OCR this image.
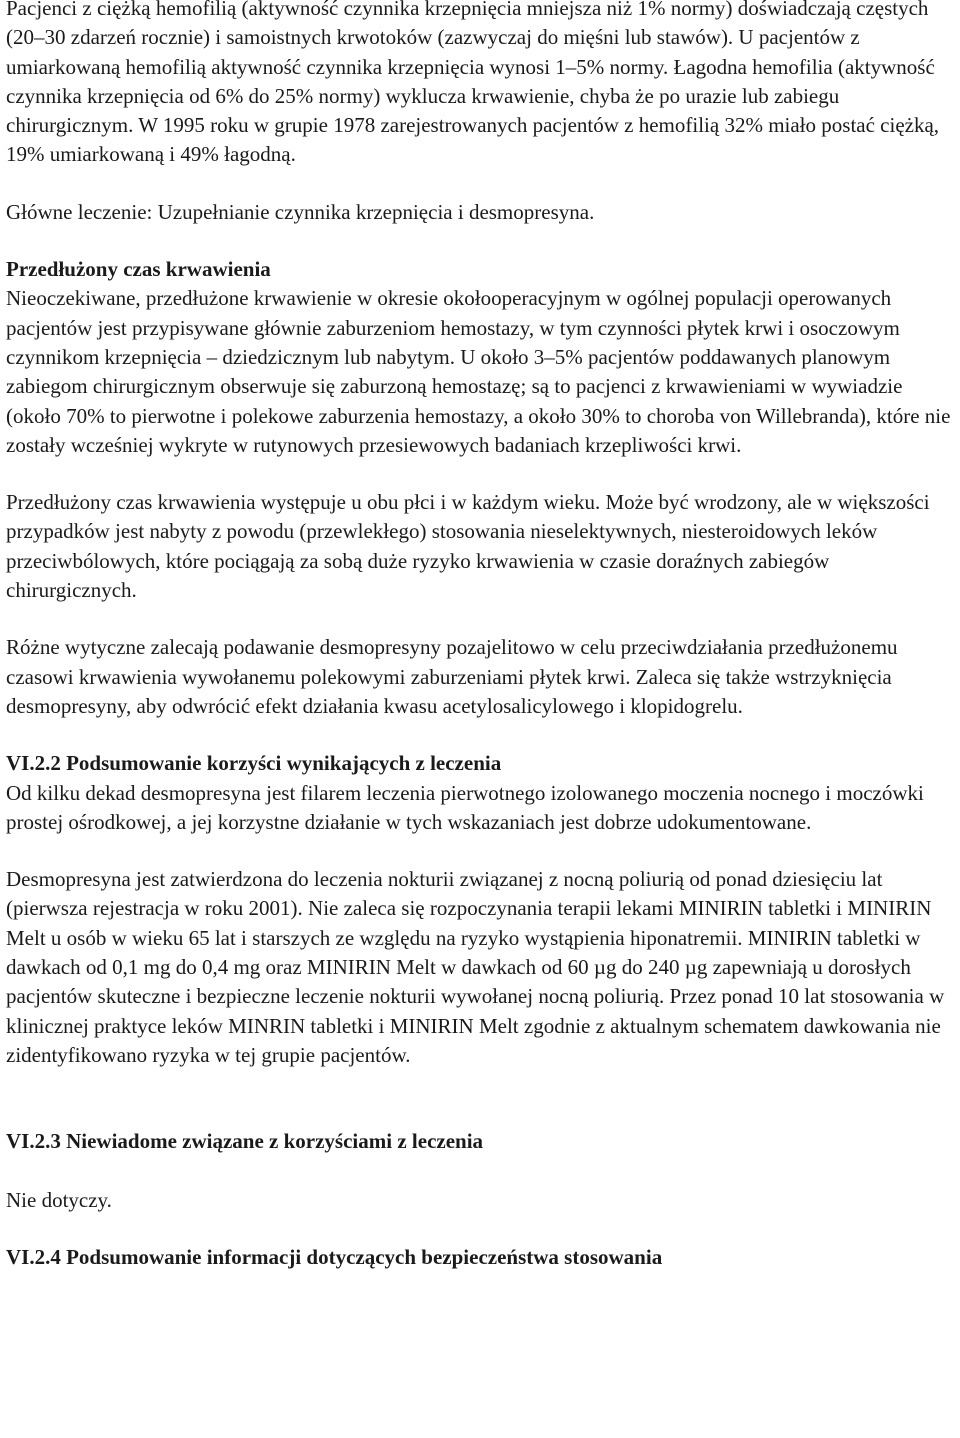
Pacjenci z ciężką hemofilią (aktywność czynnika krzepnięcia mniejsza niż 1% normy) doświadczają częstych (20–30 zdarzeń rocznie) i samoistnych krwotoków (zazwyczaj do mięśni lub stawów). U pacjentów z umiarkowaną hemofilią aktywność czynnika krzepnięcia wynosi 1–5% normy. Łagodna hemofilia (aktywność czynnika krzepnięcia od 6% do 25% normy) wyklucza krwawienie, chyba że po urazie lub zabiegu chirurgicznym. W 1995 roku w grupie 1978 zarejestrowanych pacjentów z hemofilią 32% miało postać ciężką, 19% umiarkowaną i 49% łagodną.

Główne leczenie: Uzupełnianie czynnika krzepnięcia i desmopresyna.

Przedłużony czas krwawienia

Nieoczekiwane, przedłużone krwawienie w okresie okołooperacyjnym w ogólnej populacji operowanych pacjentów jest przypisywane głównie zaburzeniom hemostazy, w tym czynności płytek krwi i osoczowym czynnikom krzepnięcia – dziedzicznym lub nabytym. U około 3–5% pacjentów poddawanych planowym zabiegom chirurgicznym obserwuje się zaburzoną hemostazę; są to pacjenci z krwawieniami w wywiadzie (około 70% to pierwotne i polekowe zaburzenia hemostazy, a około 30% to choroba von Willebranda), które nie zostały wcześniej wykryte w rutynowych przesiewowych badaniach krzepliwości krwi.

Przedłużony czas krwawienia występuje u obu płci i w każdym wieku. Może być wrodzony, ale w większości przypadków jest nabyty z powodu (przewlekłego) stosowania nieselektywnych, niesteroidowych leków przeciwbólowych, które pociągają za sobą duże ryzyko krwawienia w czasie doraźnych zabiegów chirurgicznych.

Różne wytyczne zalecają podawanie desmopresyny pozajelitowo w celu przeciwdziałania przedłużonemu czasowi krwawienia wywołanemu polekowymi zaburzeniami płytek krwi. Zaleca się także wstrzyknięcia desmopresyny, aby odwrócić efekt działania kwasu acetylosalicylowego i klopidogrelu.

VI.2.2 Podsumowanie korzyści wynikających z leczenia

Od kilku dekad desmopresyna jest filarem leczenia pierwotnego izolowanego moczenia nocnego i moczówki prostej ośrodkowej, a jej korzystne działanie w tych wskazaniach jest dobrze udokumentowane.

Desmopresyna jest zatwierdzona do leczenia nokturii związanej z nocną poliurią od ponad dziesięciu lat (pierwsza rejestracja w roku 2001). Nie zaleca się rozpoczynania terapii lekami MINIRIN tabletki i MINIRIN Melt u osób w wieku 65 lat i starszych ze względu na ryzyko wystąpienia hiponatremii. MINIRIN tabletki w dawkach od 0,1 mg do 0,4 mg oraz MINIRIN Melt w dawkach od 60 µg do 240 µg zapewniają u dorosłych pacjentów skuteczne i bezpieczne leczenie nokturii wywołanej nocną poliurią. Przez ponad 10 lat stosowania w klinicznej praktyce leków MINRIN tabletki i MINIRIN Melt zgodnie z aktualnym schematem dawkowania nie zidentyfikowano ryzyka w tej grupie pacjentów.

VI.2.3 Niewiadome związane z korzyściami z leczenia

Nie dotyczy.

VI.2.4 Podsumowanie informacji dotyczących bezpieczeństwa stosowania
